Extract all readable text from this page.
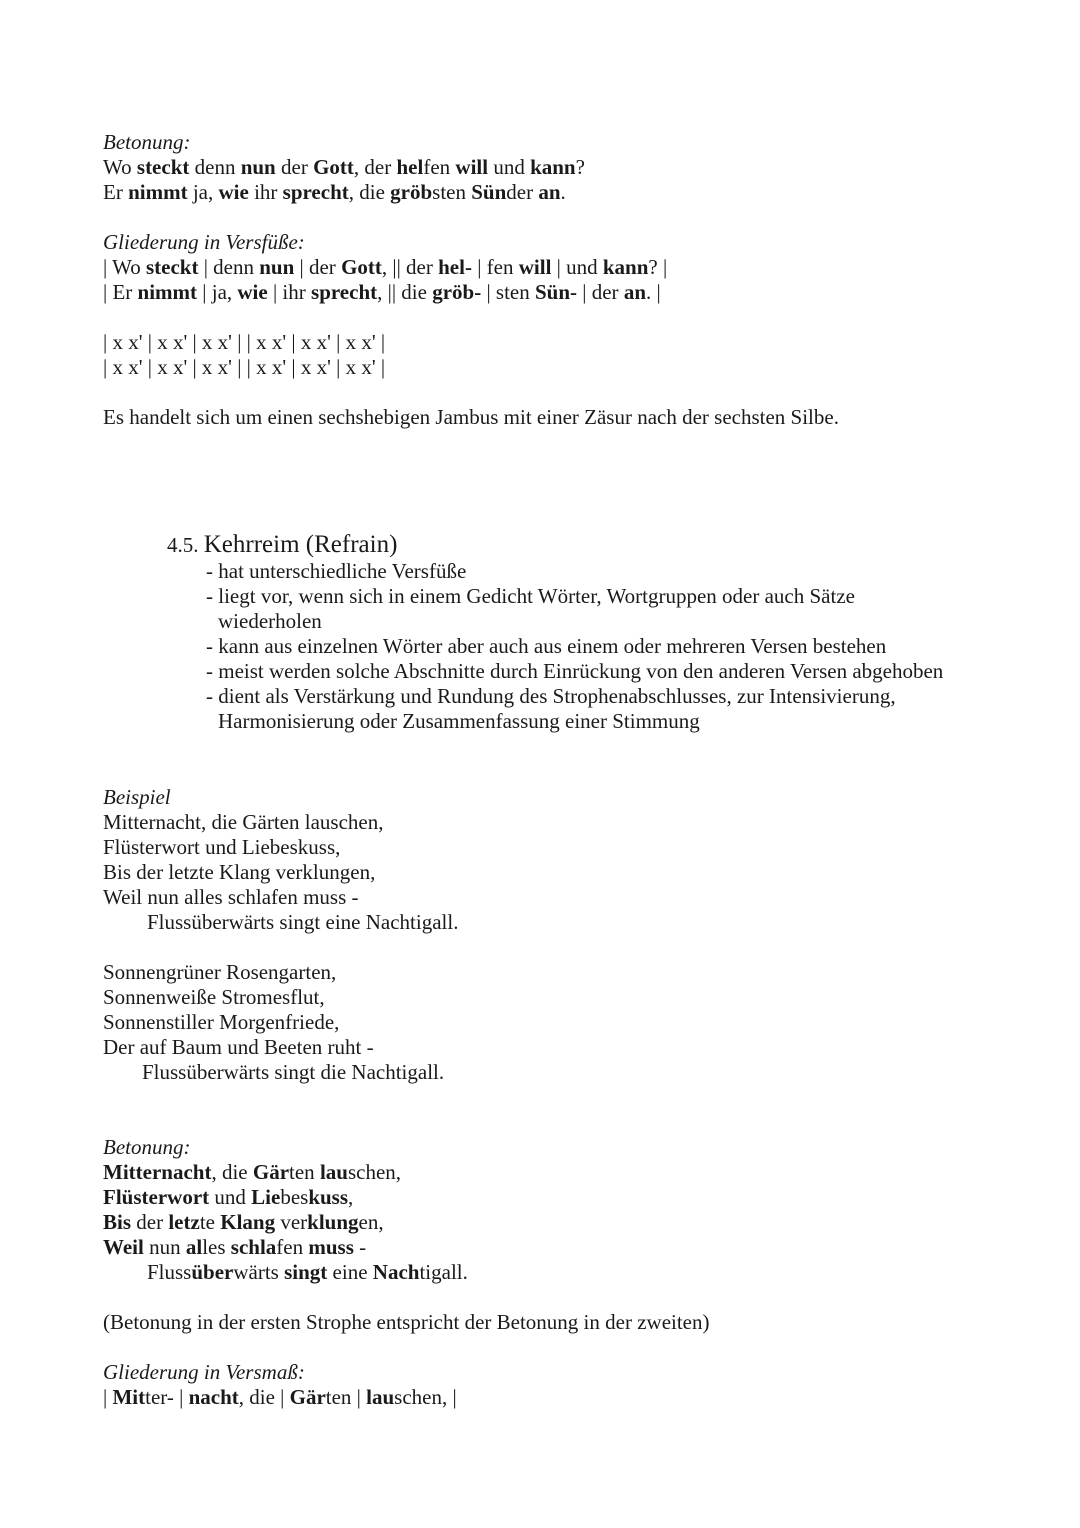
Betonung:
Wo steckt denn nun der Gott, der helfen will und kann?
Er nimmt ja, wie ihr sprecht, die gröbsten Sünder an.
Gliederung in Versfüße:
| Wo steckt | denn nun | der Gott, || der hel- | fen will | und kann? |
| Er nimmt | ja, wie | ihr sprecht, || die gröb- | sten Sün- | der an. |
| x x' | x x' | x x' | | x x' | x x' | x x' |
| x x' | x x' | x x' | | x x' | x x' | x x' |
Es handelt sich um einen sechshebigen Jambus mit einer Zäsur nach der sechsten Silbe.
4.5. Kehrreim (Refrain)
- hat unterschiedliche Versfüße
- liegt vor, wenn sich in einem Gedicht Wörter, Wortgruppen oder auch Sätze
wiederholen
- kann aus einzelnen Wörter aber auch aus einem oder mehreren Versen bestehen
- meist werden solche Abschnitte durch Einrückung von den anderen Versen abgehoben
- dient als Verstärkung und Rundung des Strophenabschlusses, zur Intensivierung,
Harmonisierung oder Zusammenfassung einer Stimmung
Beispiel
Mitternacht, die Gärten lauschen,
Flüsterwort und Liebeskuss,
Bis der letzte Klang verklungen,
Weil nun alles schlafen muss -
Flussüberwärts singt eine Nachtigall.
Sonnengrüner Rosengarten,
Sonnenweiße Stromesflut,
Sonnenstiller Morgenfriede,
Der auf Baum und Beeten ruht -
Flussüberwärts singt die Nachtigall.
Betonung:
Mitternacht, die Gärten lauschen,
Flüsterwort und Liebeskuss,
Bis der letzte Klang verklungen,
Weil nun alles schlafen muss -
Flussüberwärts singt eine Nachtigall.
(Betonung in der ersten Strophe entspricht der Betonung in der zweiten)
Gliederung in Versmaß:
| Mitter- | nacht, die | Gärten | lauschen, |
